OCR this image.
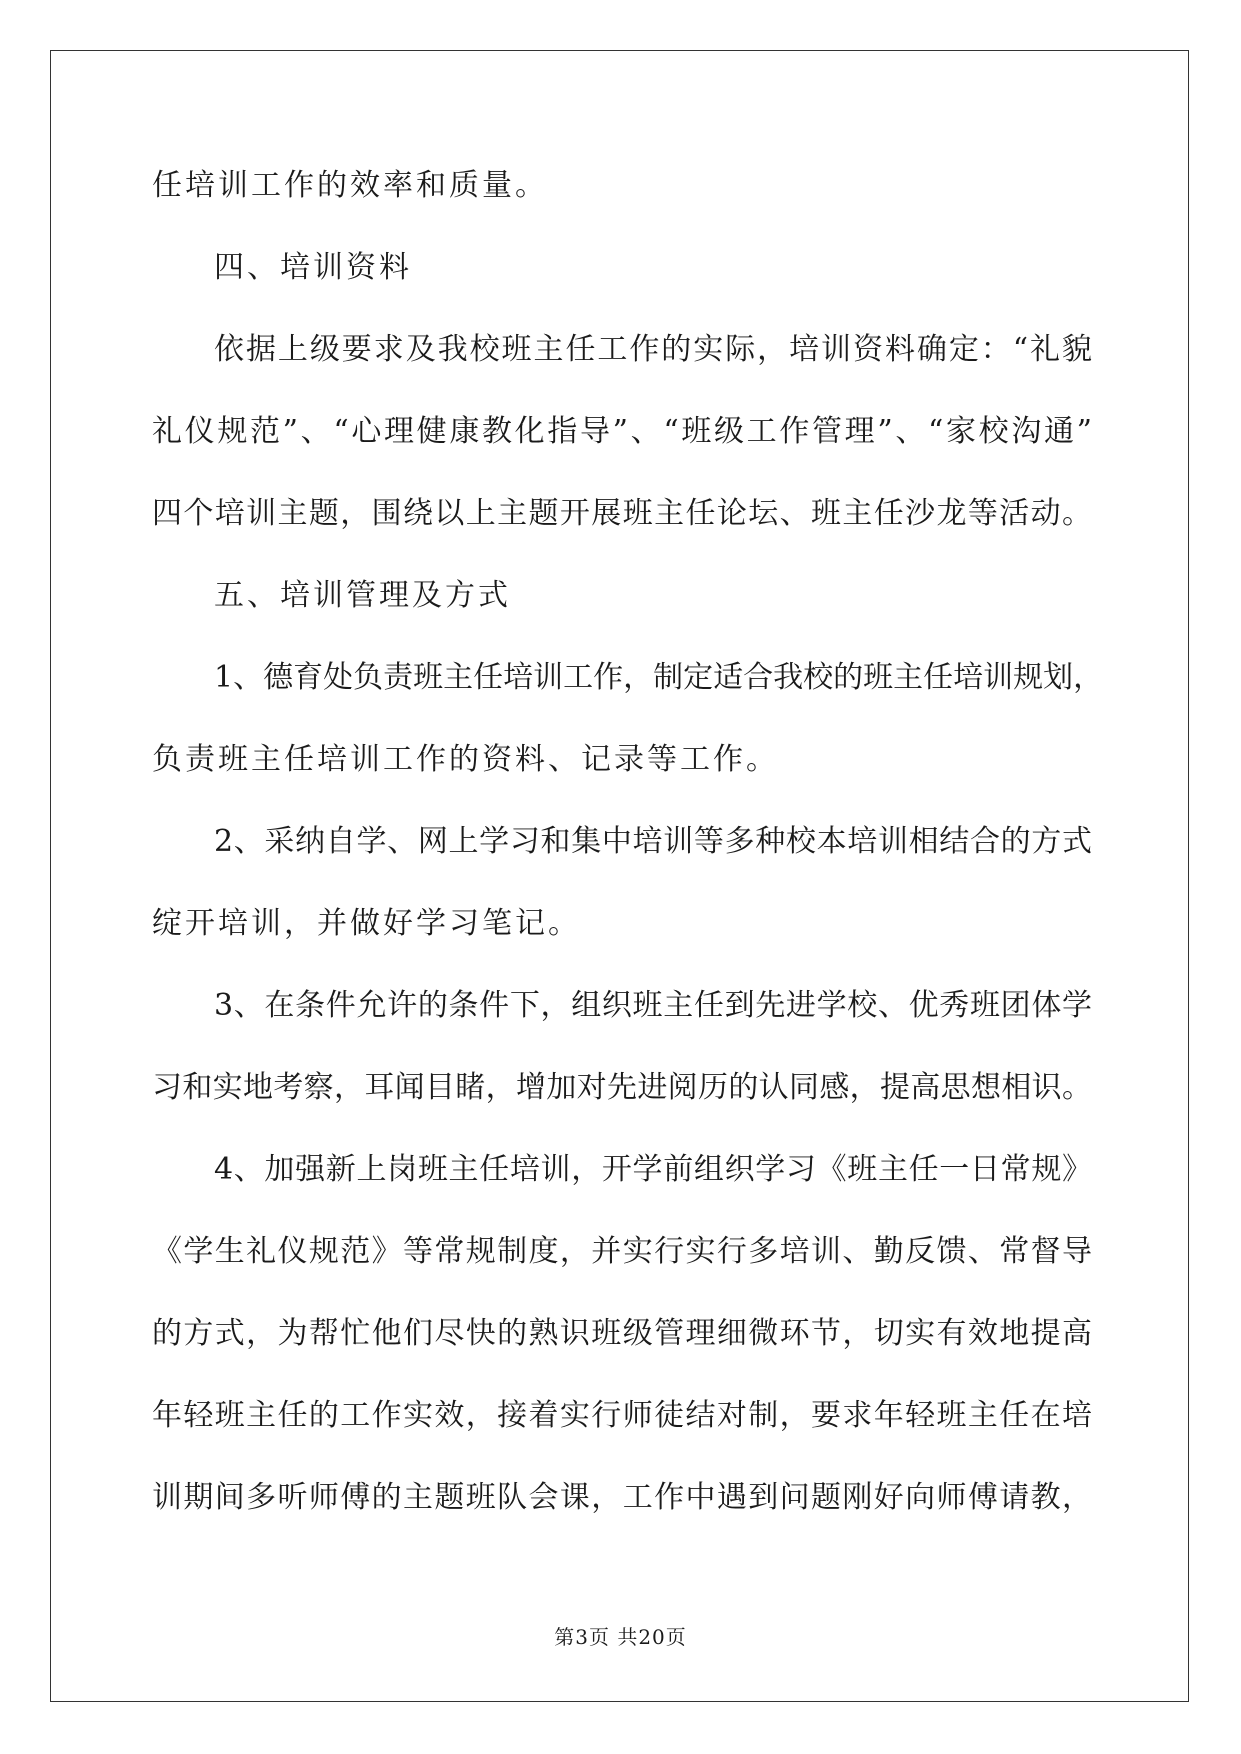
任培训工作的效率和质量。
四、培训资料
依据上级要求及我校班主任工作的实际，培训资料确定：“礼貌
礼仪规范”、“心理健康教化指导”、“班级工作管理”、“家校沟通”
四个培训主题，围绕以上主题开展班主任论坛、班主任沙龙等活动。
五、培训管理及方式
1、德育处负责班主任培训工作，制定适合我校的班主任培训规划，
负责班主任培训工作的资料、记录等工作。
2、采纳自学、网上学习和集中培训等多种校本培训相结合的方式
绽开培训，并做好学习笔记。
3、在条件允许的条件下，组织班主任到先进学校、优秀班团体学
习和实地考察，耳闻目睹，增加对先进阅历的认同感，提高思想相识。
4、加强新上岗班主任培训，开学前组织学习《班主任一日常规》
《学生礼仪规范》等常规制度，并实行实行多培训、勤反馈、常督导
的方式，为帮忙他们尽快的熟识班级管理细微环节，切实有效地提高
年轻班主任的工作实效，接着实行师徒结对制，要求年轻班主任在培
训期间多听师傅的主题班队会课，工作中遇到问题刚好向师傅请教，
第3页 共20页
